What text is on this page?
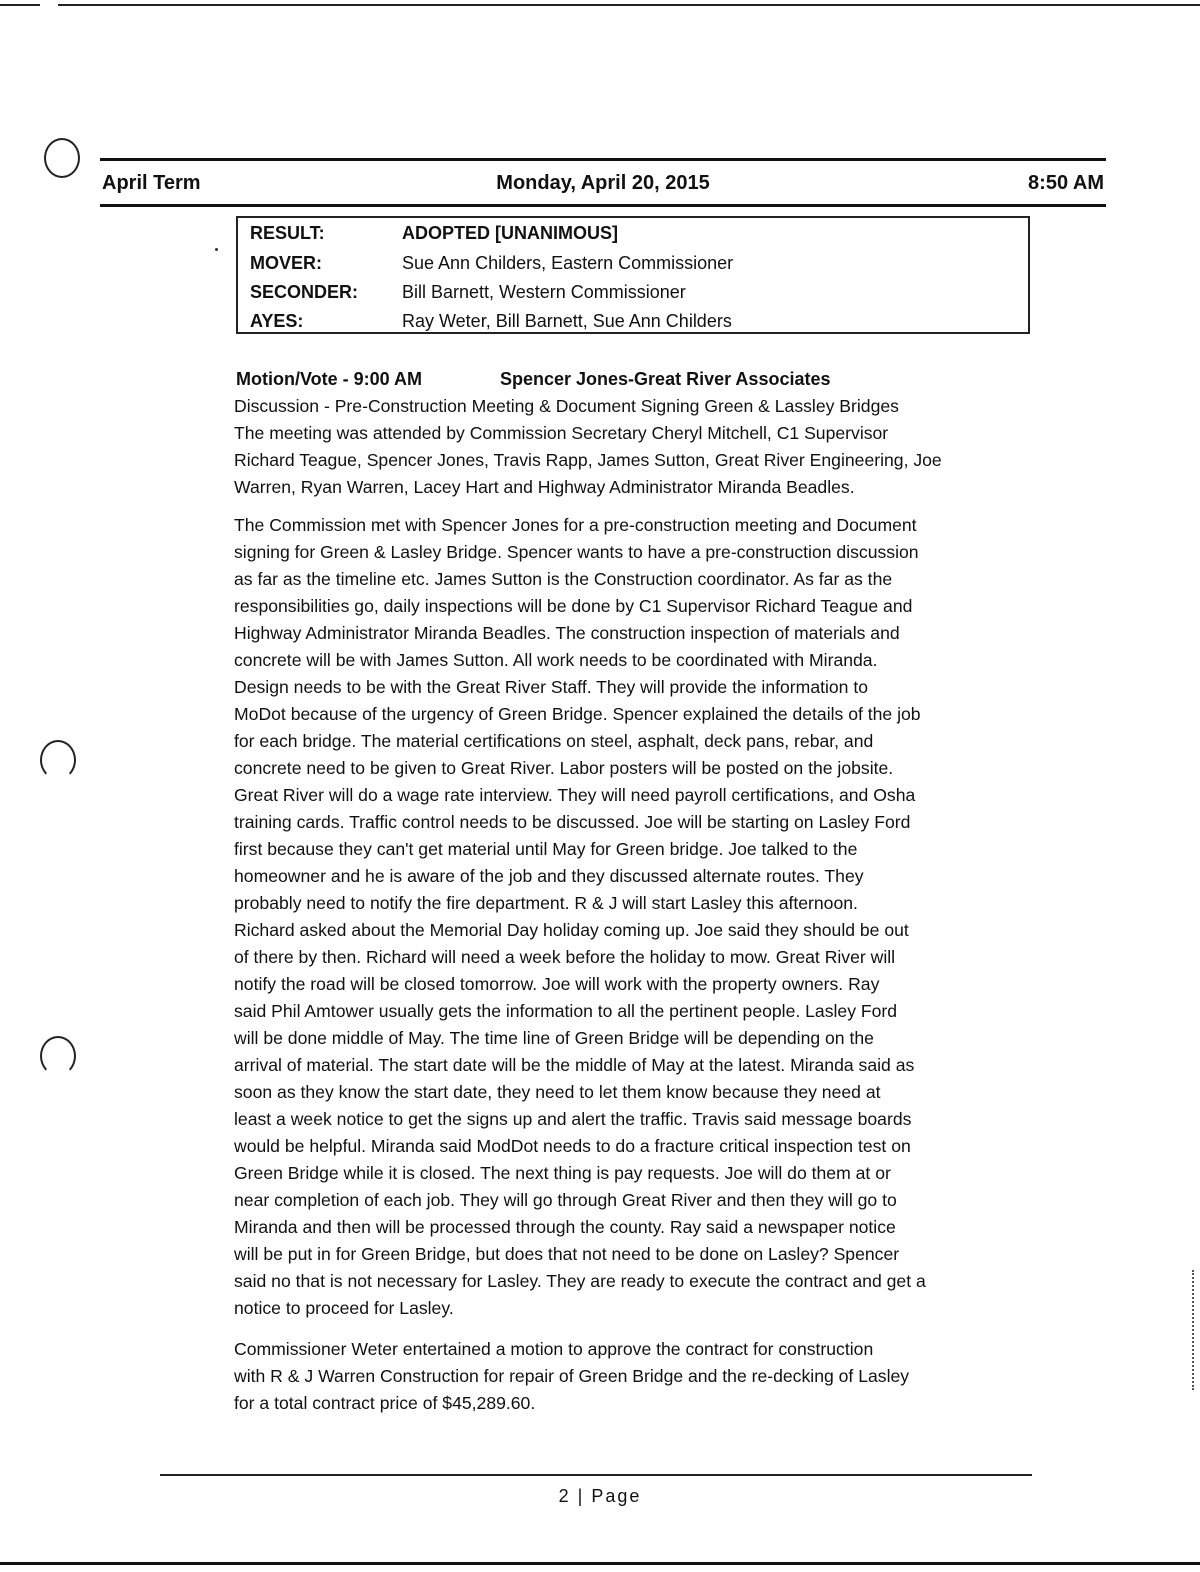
April Term	Monday, April 20, 2015	8:50 AM
RESULT:	ADOPTED [UNANIMOUS]
MOVER:	Sue Ann Childers, Eastern Commissioner
SECONDER: Bill Barnett, Western Commissioner
AYES:	Ray Weter, Bill Barnett, Sue Ann Childers
Motion/Vote - 9:00 AM	Spencer Jones-Great River Associates
Discussion - Pre-Construction Meeting & Document Signing Green & Lassley Bridges
The meeting was attended by Commission Secretary Cheryl Mitchell, C1 Supervisor
Richard Teague, Spencer Jones, Travis Rapp, James Sutton, Great River Engineering, Joe
Warren, Ryan Warren, Lacey Hart and Highway Administrator Miranda Beadles.
The Commission met with Spencer Jones for a pre-construction meeting and Document
signing for Green & Lasley Bridge. Spencer wants to have a pre-construction discussion
as far as the timeline etc. James Sutton is the Construction coordinator. As far as the
responsibilities go, daily inspections will be done by C1 Supervisor Richard Teague and
Highway Administrator Miranda Beadles. The construction inspection of materials and
concrete will be with James Sutton. All work needs to be coordinated with Miranda.
Design needs to be with the Great River Staff. They will provide the information to
MoDot because of the urgency of Green Bridge. Spencer explained the details of the job
for each bridge. The material certifications on steel, asphalt, deck pans, rebar, and
concrete need to be given to Great River. Labor posters will be posted on the jobsite.
Great River will do a wage rate interview. They will need payroll certifications, and Osha
training cards. Traffic control needs to be discussed. Joe will be starting on Lasley Ford
first because they can't get material until May for Green bridge. Joe talked to the
homeowner and he is aware of the job and they discussed alternate routes. They
probably need to notify the fire department. R & J will start Lasley this afternoon.
Richard asked about the Memorial Day holiday coming up. Joe said they should be out
of there by then. Richard will need a week before the holiday to mow. Great River will
notify the road will be closed tomorrow. Joe will work with the property owners. Ray
said Phil Amtower usually gets the information to all the pertinent people. Lasley Ford
will be done middle of May. The time line of Green Bridge will be depending on the
arrival of material. The start date will be the middle of May at the latest. Miranda said as
soon as they know the start date, they need to let them know because they need at
least a week notice to get the signs up and alert the traffic. Travis said message boards
would be helpful. Miranda said ModDot needs to do a fracture critical inspection test on
Green Bridge while it is closed. The next thing is pay requests. Joe will do them at or
near completion of each job. They will go through Great River and then they will go to
Miranda and then will be processed through the county. Ray said a newspaper notice
will be put in for Green Bridge, but does that not need to be done on Lasley? Spencer
said no that is not necessary for Lasley. They are ready to execute the contract and get a
notice to proceed for Lasley.
Commissioner Weter entertained a motion to approve the contract for construction
with R & J Warren Construction for repair of Green Bridge and the re-decking of Lasley
for a total contract price of $45,289.60.
2 | Page
